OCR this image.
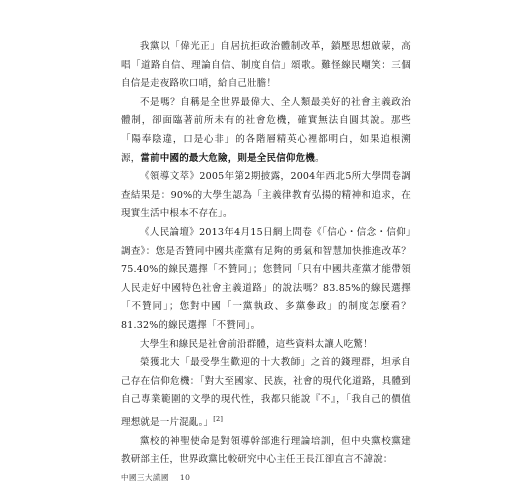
我黨以「偉光正」自居抗拒政治體制改革，鎖壓思想啟蒙，高唱「道路自信、理論自信、制度自信」頌歌。難怪線民嘲笑：三個自信是走夜路吹口哨，給自己壯膽！

不是嗎？自稱是全世界最偉大、全人類最美好的社會主義政治體制，卻面臨著前所未有的社會危機，確實無法自圓其說。那些「陽奉陰違，口是心非」的各階層精英心裡都明白，如果追根溯源，當前中國的最大危險，則是全民信仰危機。

《領導文萃》2005年第2期披露，2004年西北5所大學問卷調查結果是：90%的大學生認為「主義律教育弘揚的精神和追求，在現實生活中根本不存在」。

《人民論壇》2013年4月15日網上問卷《「信心・信念・信仰」調查》：您是否贊同中國共產黨有足夠的勇氣和智慧加快推進改革？75.40%的線民選擇「不贊同」；您贊同「只有中國共產黨才能帶領人民走好中國特色社會主義道路」的說法嗎？83.85%的線民選擇「不贊同」；您對中國「一黨執政、多黨參政」的制度怎麼看？81.32%的線民選擇「不贊同」。

大學生和線民是社會前沿群體，這些資料太讓人吃驚！

榮獲北大「最受學生歡迎的十大教師」之首的錢理群，坦承自己存在信仰危機：「對大至國家、民族，社會的現代化道路，具體到自己專業範圍的文學的現代性，我都只能說『不』，「我自己的價值理想就是一片混亂。」[2]

黨校的神聖使命是對領導幹部進行理論培訓，但中央黨校黨建教研部主任，世界政黨比較研究中心主任王長江卻直言不諱說：

中國三大謊國 10
